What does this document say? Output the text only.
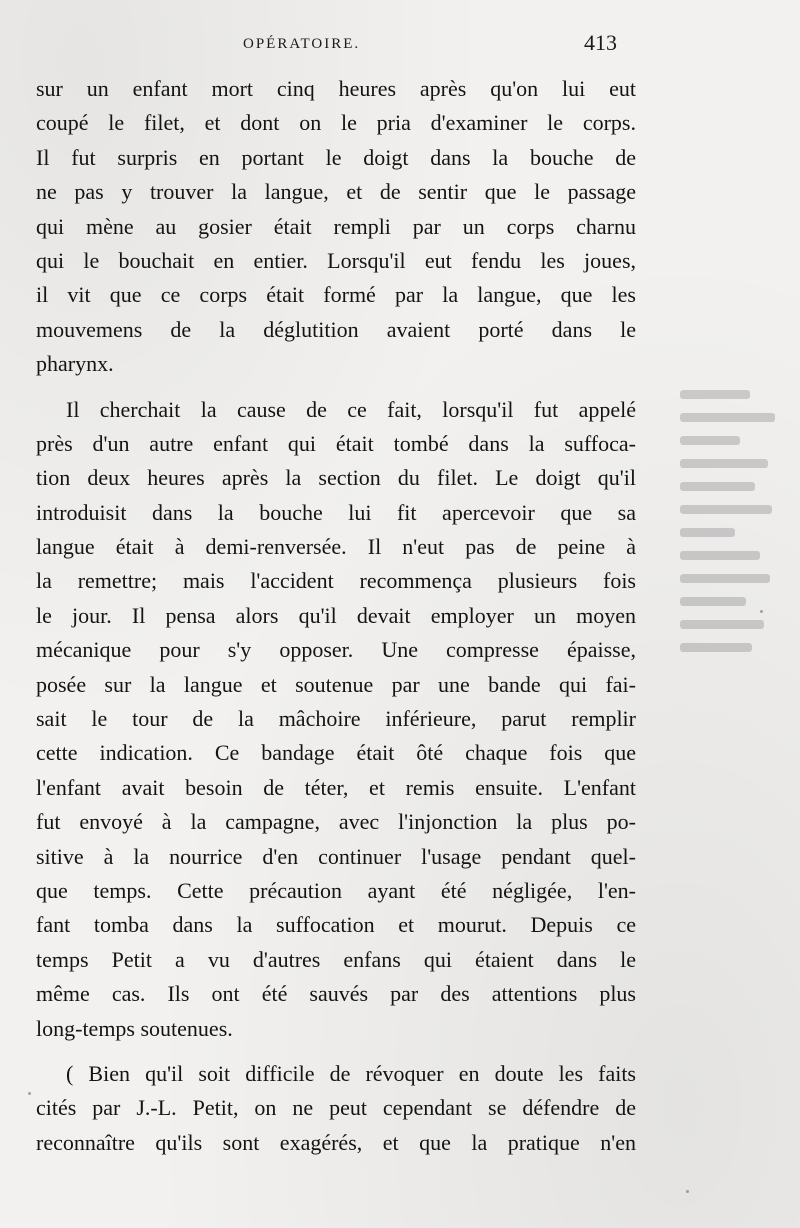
OPÉRATOIRE.	413
sur un enfant mort cinq heures après qu'on lui eut
coupé le filet, et dont on le pria d'examiner le corps.
Il fut surpris en portant le doigt dans la bouche de
ne pas y trouver la langue, et de sentir que le passage
qui mène au gosier était rempli par un corps charnu
qui le bouchait en entier. Lorsqu'il eut fendu les joues,
il vit que ce corps était formé par la langue, que les
mouvemens de la déglutition avaient porté dans le
pharynx.
Il cherchait la cause de ce fait, lorsqu'il fut appelé
près d'un autre enfant qui était tombé dans la suffoca-
tion deux heures après la section du filet. Le doigt qu'il
introduisit dans la bouche lui fit apercevoir que sa
langue était à demi-renversée. Il n'eut pas de peine à
la remettre; mais l'accident recommença plusieurs fois
le jour. Il pensa alors qu'il devait employer un moyen
mécanique pour s'y opposer. Une compresse épaisse,
posée sur la langue et soutenue par une bande qui fai-
sait le tour de la mâchoire inférieure, parut remplir
cette indication. Ce bandage était ôté chaque fois que
l'enfant avait besoin de téter, et remis ensuite. L'enfant
fut envoyé à la campagne, avec l'injonction la plus po-
sitive à la nourrice d'en continuer l'usage pendant quel-
que temps. Cette précaution ayant été négligée, l'en-
fant tomba dans la suffocation et mourut. Depuis ce
temps Petit a vu d'autres enfans qui étaient dans le
même cas. Ils ont été sauvés par des attentions plus
long-temps soutenues.
( Bien qu'il soit difficile de révoquer en doute les faits
cités par J.-L. Petit, on ne peut cependant se défendre de
reconnaître qu'ils sont exagérés, et que la pratique n'en
